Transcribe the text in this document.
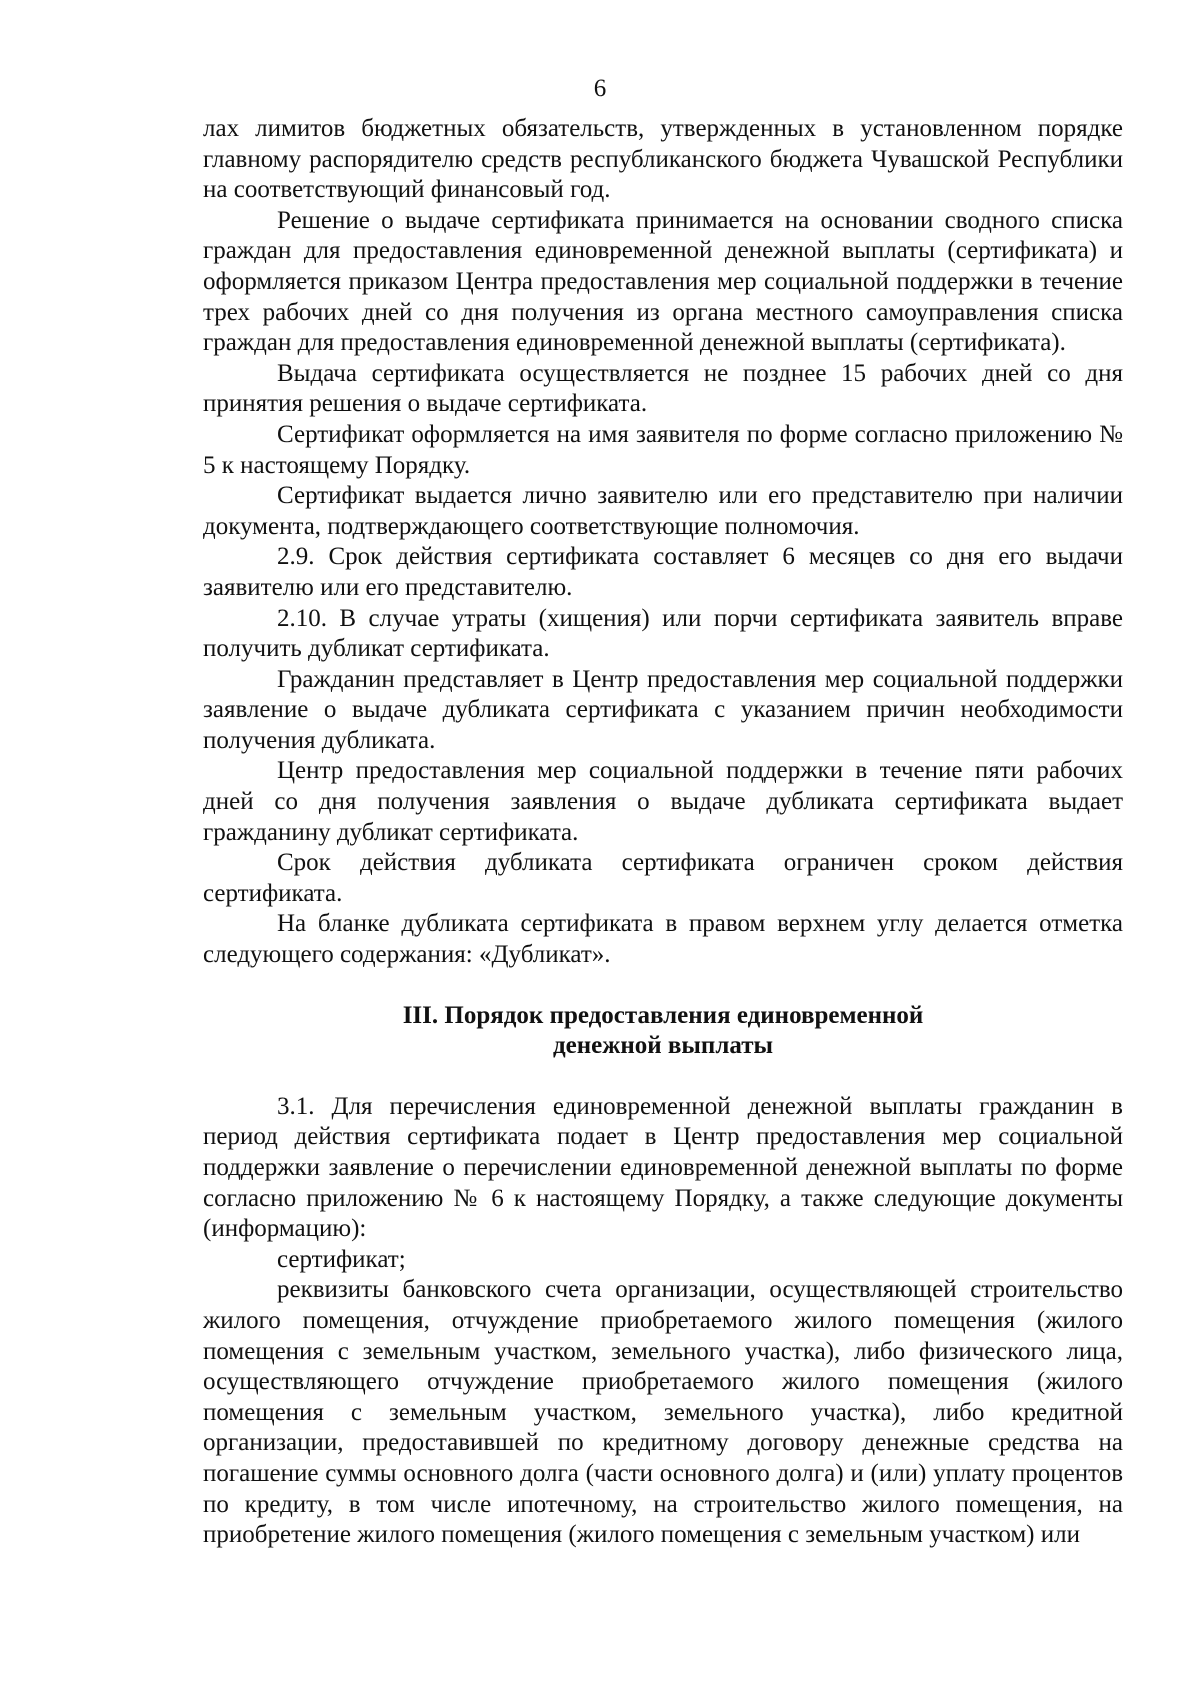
6

лах лимитов бюджетных обязательств, утвержденных в установленном порядке главному распорядителю средств республиканского бюджета Чувашской Республики на соответствующий финансовый год.

Решение о выдаче сертификата принимается на основании сводного списка граждан для предоставления единовременной денежной выплаты (сертификата) и оформляется приказом Центра предоставления мер социальной поддержки в течение трех рабочих дней со дня получения из органа местного самоуправления списка граждан для предоставления единовременной денежной выплаты (сертификата).

Выдача сертификата осуществляется не позднее 15 рабочих дней со дня принятия решения о выдаче сертификата.

Сертификат оформляется на имя заявителя по форме согласно приложению № 5 к настоящему Порядку.

Сертификат выдается лично заявителю или его представителю при наличии документа, подтверждающего соответствующие полномочия.

2.9. Срок действия сертификата составляет 6 месяцев со дня его выдачи заявителю или его представителю.

2.10. В случае утраты (хищения) или порчи сертификата заявитель вправе получить дубликат сертификата.

Гражданин представляет в Центр предоставления мер социальной поддержки заявление о выдаче дубликата сертификата с указанием причин необходимости получения дубликата.

Центр предоставления мер социальной поддержки в течение пяти рабочих дней со дня получения заявления о выдаче дубликата сертификата выдает гражданину дубликат сертификата.

Срок действия дубликата сертификата ограничен сроком действия сертификата.

На бланке дубликата сертификата в правом верхнем углу делается отметка следующего содержания: «Дубликат».

III. Порядок предоставления единовременной

денежной выплаты

3.1. Для перечисления единовременной денежной выплаты гражданин в период действия сертификата подает в Центр предоставления мер социальной поддержки заявление о перечислении единовременной денежной выплаты по форме согласно приложению № 6 к настоящему Порядку, а также следующие документы (информацию):

сертификат;

реквизиты банковского счета организации, осуществляющей строительство жилого помещения, отчуждение приобретаемого жилого помещения (жилого помещения с земельным участком, земельного участка), либо физического лица, осуществляющего отчуждение приобретаемого жилого помещения (жилого помещения с земельным участком, земельного участка), либо кредитной организации, предоставившей по кредитному договору денежные средства на погашение суммы основного долга (части основного долга) и (или) уплату процентов по кредиту, в том числе ипотечному, на строительство жилого помещения, на приобретение жилого помещения (жилого помещения с земельным участком) или
